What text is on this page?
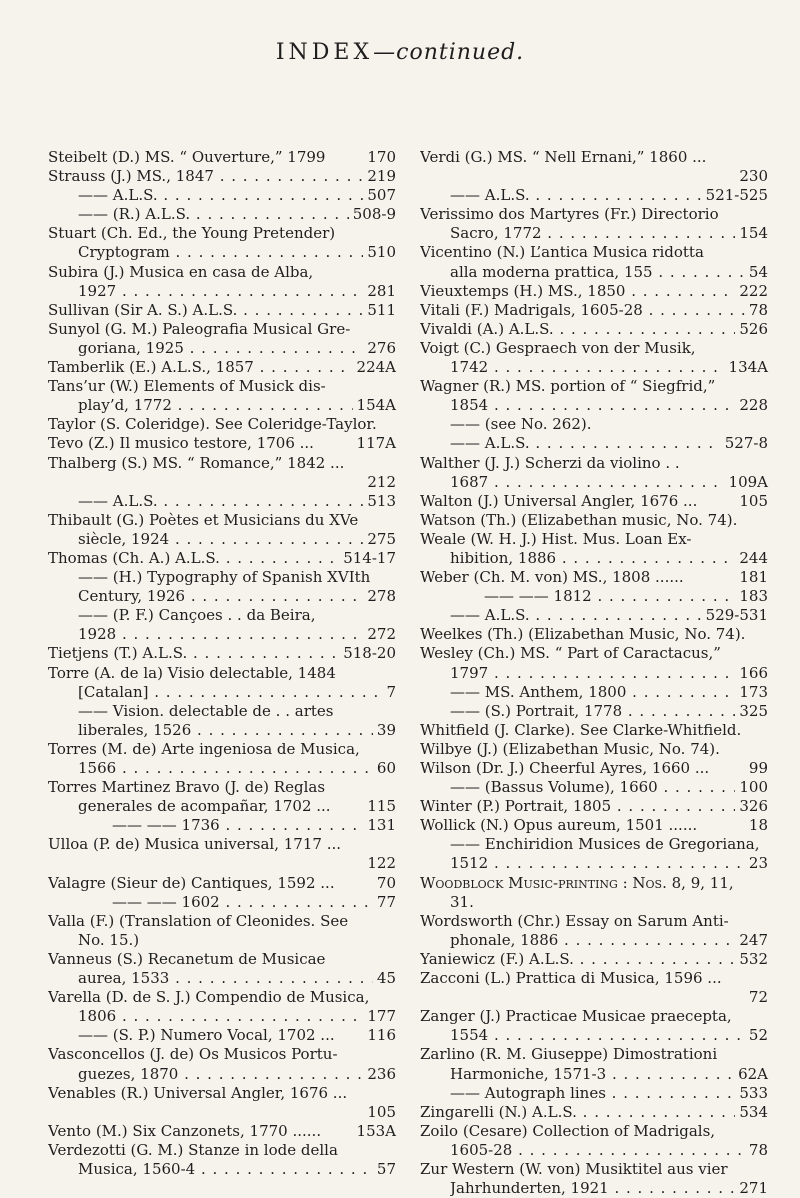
INDEX—continued.
Steibelt (D.) MS. “ Ouverture,” 1799	170
Strauss (J.) MS., 1847 . . .	219
—— A.L.S. . . .	507
—— (R.) A.L.S. . . .	508-9
Stuart (Ch. Ed., the Young Pretender)
Cryptogram . . .	510
Subira (J.) Musica en casa de Alba,
1927 . . .	281
Sullivan (Sir A. S.) A.L.S. . . .	511
Sunyol (G. M.) Paleografia Musical Gre-
goriana, 1925 . . .	276
Tamberlik (E.) A.L.S., 1857 . . .	224A
Tans’ur (W.) Elements of Musick dis-
play’d, 1772 . . .	154A
Taylor (S. Coleridge). See Coleridge-Taylor.
Tevo (Z.) Il musico testore, 1706 ...	117A
Thalberg (S.) MS. “ Romance,” 1842 ...
212
—— A.L.S. . . .	513
Thibault (G.) Poètes et Musicians du XVe
siècle, 1924 . . .	275
Thomas (Ch. A.) A.L.S. . . .	514-17
—— (H.) Typography of Spanish XVIth
Century, 1926 . . .	278
—— (P. F.) Cançoes . . da Beira,
1928 . . .	272
Tietjens (T.) A.L.S. . . .	518-20
Torre (A. de la) Visio delectable, 1484
[Catalan] . . .	7
—— Vision. delectable de . . artes
liberales, 1526 . . .	39
Torres (M. de) Arte ingeniosa de Musica,
1566 . . .	60
Torres Martinez Bravo (J. de) Reglas
generales de acompañar, 1702 ...	115
—— —— 1736 . . .	131
Ulloa (P. de) Musica universal, 1717 ...
122
Valagre (Sieur de) Cantiques, 1592 ...	70
—— —— 1602 . . .	77
Valla (F.) (Translation of Cleonides. See
No. 15.)
Vanneus (S.) Recanetum de Musicae
aurea, 1533 . . .	45
Varella (D. de S. J.) Compendio de Musica,
1806 . . .	177
—— (S. P.) Numero Vocal, 1702 ...	116
Vasconcellos (J. de) Os Musicos Portu-
guezes, 1870 . . .	236
Venables (R.) Universal Angler, 1676 ...
105
Vento (M.) Six Canzonets, 1770 ......	153A
Verdezotti (G. M.) Stanze in lode della
Musica, 1560-4 . . .	57
Verdi (G.) MS. “ Nell Ernani,” 1860 ...
230
—— A.L.S. . . .	521-525
Verissimo dos Martyres (Fr.) Directorio
Sacro, 1772 . . .	154
Vicentino (N.) L’antica Musica ridotta
alla moderna prattica, 155 . . .	54
Vieuxtemps (H.) MS., 1850 . . .	222
Vitali (F.) Madrigals, 1605-28 . . .	78
Vivaldi (A.) A.L.S. . . .	526
Voigt (C.) Gespraech von der Musik,
1742 . . .	134A
Wagner (R.) MS. portion of “ Siegfrid,”
1854 . . .	228
—— (see No. 262).
—— A.L.S. . . .	527-8
Walther (J. J.) Scherzi da violino . .
1687 . . .	109A
Walton (J.) Universal Angler, 1676 ...	105
Watson (Th.) (Elizabethan music, No. 74).
Weale (W. H. J.) Hist. Mus. Loan Ex-
hibition, 1886 . . .	244
Weber (Ch. M. von) MS., 1808 ......	181
—— —— 1812 . . .	183
—— A.L.S. . . .	529-531
Weelkes (Th.) (Elizabethan Music, No. 74).
Wesley (Ch.) MS. “ Part of Caractacus,”
1797 . . .	166
—— MS. Anthem, 1800 . . .	173
—— (S.) Portrait, 1778 . . .	325
Whitfield (J. Clarke). See Clarke-Whitfield.
Wilbye (J.) (Elizabethan Music, No. 74).
Wilson (Dr. J.) Cheerful Ayres, 1660 ...	99
—— (Bassus Volume), 1660 . . .	100
Winter (P.) Portrait, 1805 . . .	326
Wollick (N.) Opus aureum, 1501 ......	18
—— Enchiridion Musices de Gregoriana,
1512 . . .	23
Woodblock Music-printing : Nos. 8, 9, 11,
31.
Wordsworth (Chr.) Essay on Sarum Anti-
phonale, 1886 . . .	247
Yaniewicz (F.) A.L.S. . . .	532
Zacconi (L.) Prattica di Musica, 1596 ...
72
Zanger (J.) Practicae Musicae praecepta,
1554 . . .	52
Zarlino (R. M. Giuseppe) Dimostrationi
Harmoniche, 1571-3 . . .	62A
—— Autograph lines . . .	533
Zingarelli (N.) A.L.S. . . .	534
Zoilo (Cesare) Collection of Madrigals,
1605-28 . . .	78
Zur Western (W. von) Musiktitel aus vier
Jahrhunderten, 1921 . . .	271
